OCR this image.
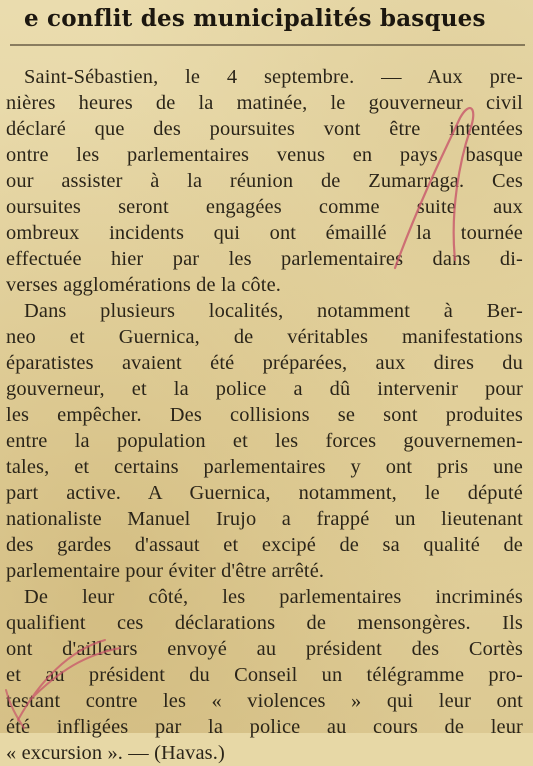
e conflit des municipalités basques
Saint-Sébastien, le 4 septembre. — Aux pre-
nières heures de la matinée, le gouverneur civil
déclaré que des poursuites vont être intentées
ontre les parlementaires venus en pays basque
our assister à la réunion de Zumarraga. Ces
oursuites seront engagées comme suite aux
ombreux incidents qui ont émaillé la tournée
effectuée hier par les parlementaires dans di-
verses agglomérations de la côte.
Dans plusieurs localités, notamment à Ber-
neo et Guernica, de véritables manifestations
éparatistes avaient été préparées, aux dires du
gouverneur, et la police a dû intervenir pour
les empêcher. Des collisions se sont produites
entre la population et les forces gouvernemen-
tales, et certains parlementaires y ont pris une
part active. A Guernica, notamment, le député
nationaliste Manuel Irujo a frappé un lieutenant
des gardes d'assaut et excipé de sa qualité de
parlementaire pour éviter d'être arrêté.
De leur côté, les parlementaires incriminés
qualifient ces déclarations de mensongères. Ils
ont d'ailleurs envoyé au président des Cortès
et au président du Conseil un télégramme pro-
testant contre les « violences » qui leur ont
été infligées par la police au cours de leur
« excursion ». — (Havas.)
